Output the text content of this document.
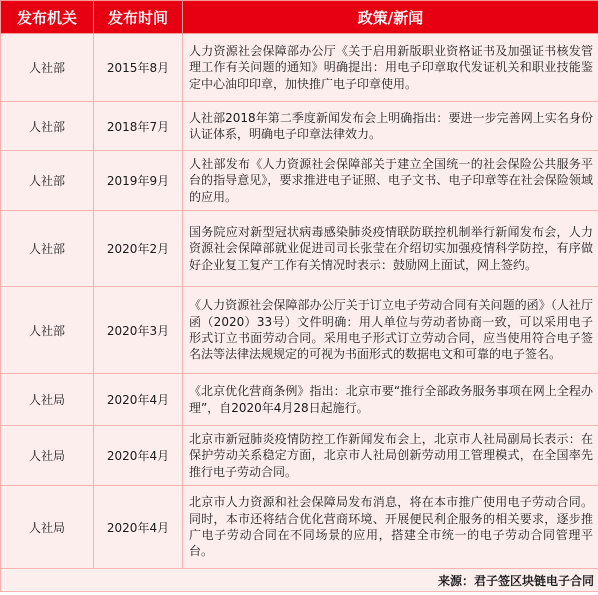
发布机关	发布时间	政策/新闻
人社部	2015年8月	人力资源社会保障部办公厅《关于启用新版职业资格证书及加强证书核发管理工作有关问题的通知》明确提出：用电子印章取代发证机关和职业技能鉴定中心油印印章，加快推广电子印章使用。
人社部	2018年7月	人社部2018年第二季度新闻发布会上明确指出：要进一步完善网上实名身份认证体系，明确电子印章法律效力。
人社部	2019年9月	人社部发布《人力资源社会保障部关于建立全国统一的社会保险公共服务平台的指导意见》，要求推进电子证照、电子文书、电子印章等在社会保险领域的应用。
人社部	2020年2月	国务院应对新型冠状病毒感染肺炎疫情联防联控机制举行新闻发布会，人力资源社会保障部就业促进司司长张莹在介绍切实加强疫情科学防控，有序做好企业复工复产工作有关情况时表示：鼓励网上面试，网上签约。
人社部	2020年3月	《人力资源社会保障部办公厅关于订立电子劳动合同有关问题的函》（人社厅函（2020）33号）文件明确：用人单位与劳动者协商一致，可以采用电子形式订立书面劳动合同。采用电子形式订立劳动合同，应当使用符合电子签名法等法律法规规定的可视为书面形式的数据电文和可靠的电子签名。
人社局	2020年4月	《北京优化营商条例》指出：北京市要“推行全部政务服务事项在网上全程办理”，自2020年4月28日起施行。
人社局	2020年4月	北京市新冠肺炎疫情防控工作新闻发布会上，北京市人社局副局长表示：在保护劳动关系稳定方面，北京市人社局创新劳动用工管理模式，在全国率先推行电子劳动合同。
人社局	2020年4月	北京市人力资源和社会保障局发布消息，将在本市推广使用电子劳动合同。同时，本市还将结合优化营商环境、开展便民利企服务的相关要求，逐步推广电子劳动合同在不同场景的应用，搭建全市统一的电子劳动合同管理平台。
来源：君子签区块链电子合同		
